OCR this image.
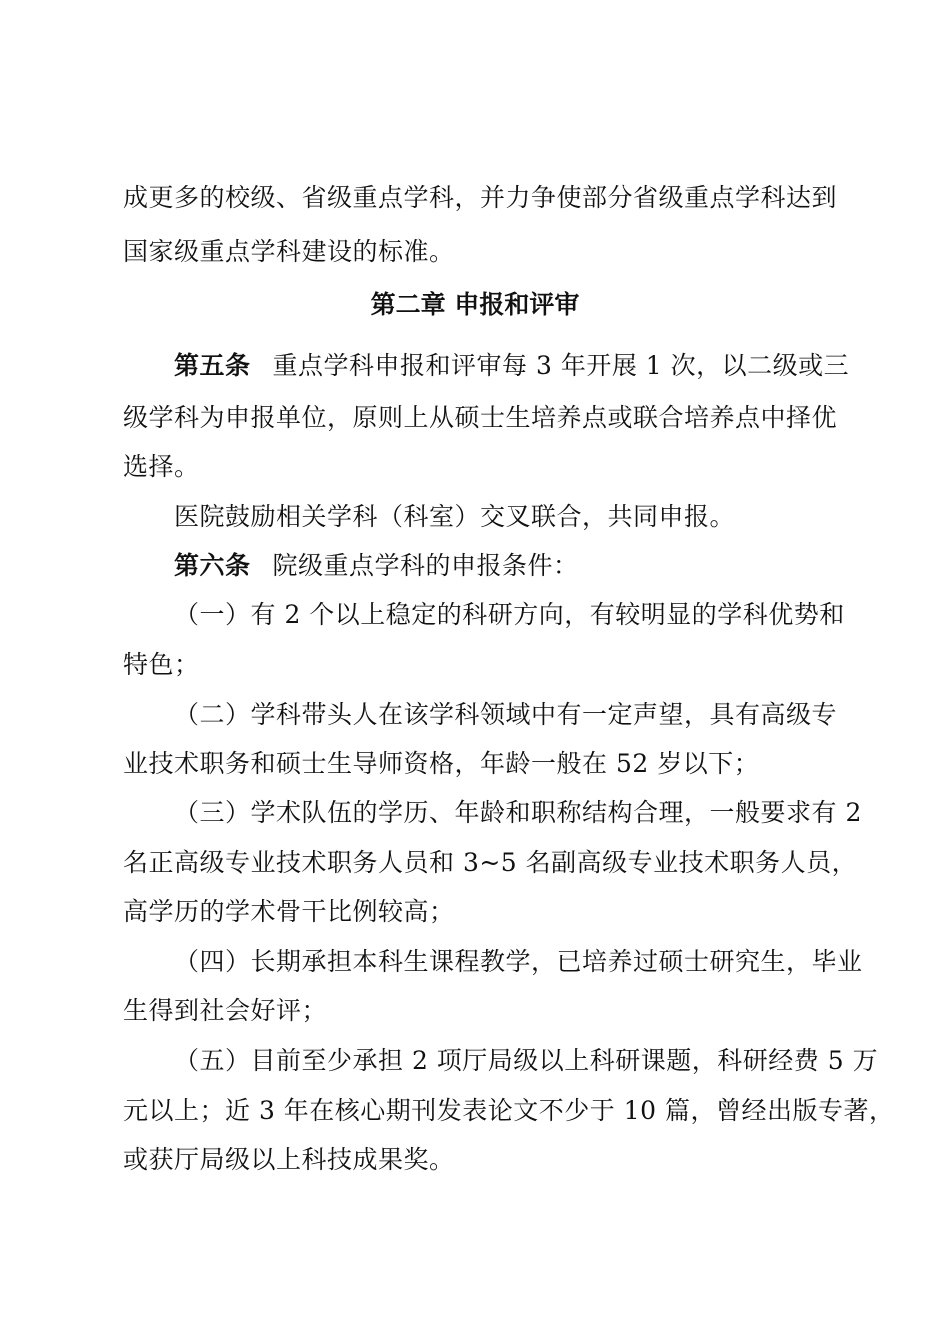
成更多的校级、省级重点学科，并力争使部分省级重点学科达到
国家级重点学科建设的标准。
第二章 申报和评审
第五条 重点学科申报和评审每 3 年开展 1 次，以二级或三
级学科为申报单位，原则上从硕士生培养点或联合培养点中择优
选择。
医院鼓励相关学科（科室）交叉联合，共同申报。
第六条 院级重点学科的申报条件：
（一）有 2 个以上稳定的科研方向，有较明显的学科优势和
特色；
（二）学科带头人在该学科领域中有一定声望，具有高级专
业技术职务和硕士生导师资格，年龄一般在 52 岁以下；
（三）学术队伍的学历、年龄和职称结构合理，一般要求有 2
名正高级专业技术职务人员和 3~5 名副高级专业技术职务人员，
高学历的学术骨干比例较高；
（四）长期承担本科生课程教学，已培养过硕士研究生，毕业
生得到社会好评；
（五）目前至少承担 2 项厅局级以上科研课题，科研经费 5 万
元以上；近 3 年在核心期刊发表论文不少于 10 篇，曾经出版专著，
或获厅局级以上科技成果奖。
